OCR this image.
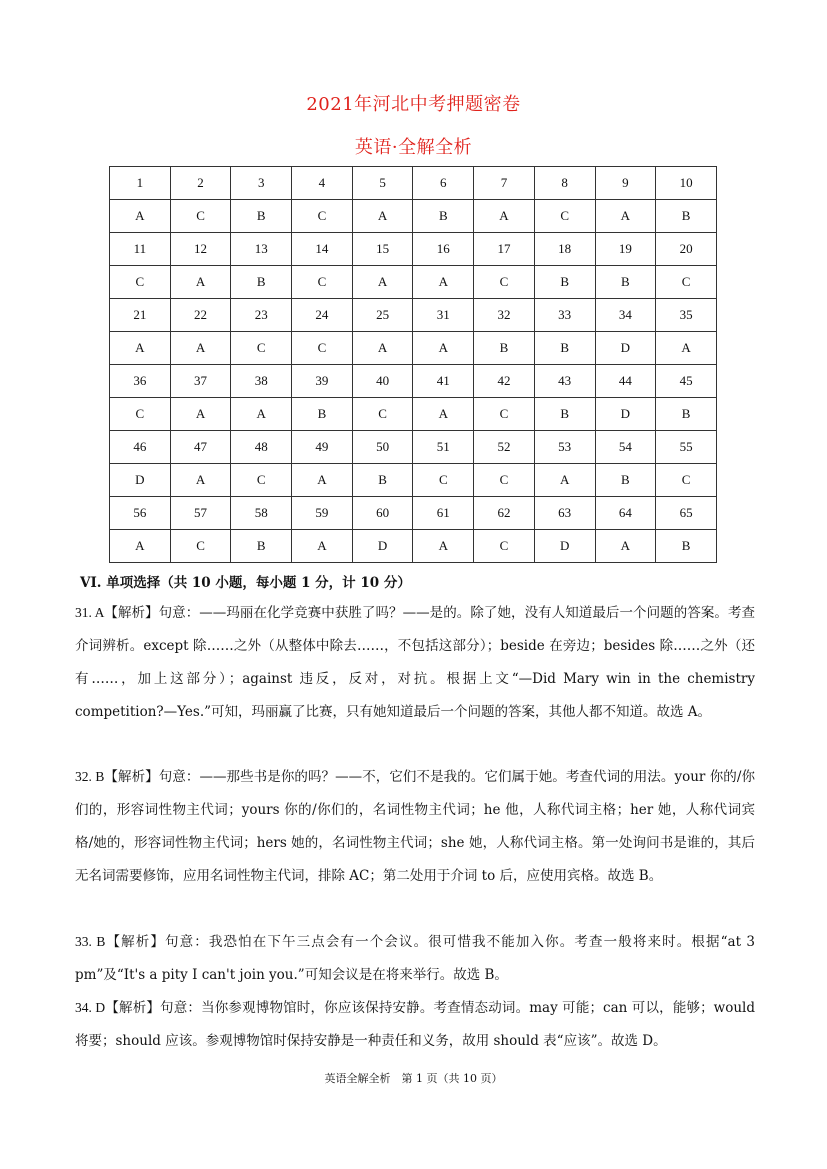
2021年河北中考押题密卷
英语·全解全析
1	2	3	4	5	6	7	8	9	10
A	C	B	C	A	B	A	C	A	B
11	12	13	14	15	16	17	18	19	20
C	A	B	C	A	A	C	B	B	C
21	22	23	24	25	31	32	33	34	35
A	A	C	C	A	A	B	B	D	A
36	37	38	39	40	41	42	43	44	45
C	A	A	B	C	A	C	B	D	B
46	47	48	49	50	51	52	53	54	55
D	A	C	A	B	C	C	A	B	C
56	57	58	59	60	61	62	63	64	65
A	C	B	A	D	A	C	D	A	B
VI. 单项选择（共 10 小题，每小题 1 分，计 10 分）
31. A【解析】句意：——玛丽在化学竞赛中获胜了吗？——是的。除了她，没有人知道最后一个问题的答案。考查介词辨析。except 除……之外（从整体中除去……，不包括这部分）；beside 在旁边；besides 除……之外（还有……，加上这部分）；against 违反，反对，对抗。根据上文“—Did Mary win in the chemistry competition?—Yes.”可知，玛丽赢了比赛，只有她知道最后一个问题的答案，其他人都不知道。故选 A。
32. B【解析】句意：——那些书是你的吗？——不，它们不是我的。它们属于她。考查代词的用法。your 你的/你们的，形容词性物主代词；yours 你的/你们的，名词性物主代词；he 他，人称代词主格；her 她，人称代词宾格/她的，形容词性物主代词；hers 她的，名词性物主代词；she 她，人称代词主格。第一处询问书是谁的，其后无名词需要修饰，应用名词性物主代词，排除 AC；第二处用于介词 to 后，应使用宾格。故选 B。
33. B【解析】句意：我恐怕在下午三点会有一个会议。很可惜我不能加入你。考查一般将来时。根据“at 3 pm”及“It's a pity I can't join you.”可知会议是在将来举行。故选 B。
34. D【解析】句意：当你参观博物馆时，你应该保持安静。考查情态动词。may 可能；can 可以，能够；would 将要；should 应该。参观博物馆时保持安静是一种责任和义务，故用 should 表“应该”。故选 D。
英语全解全析　第 1 页（共 10 页）
